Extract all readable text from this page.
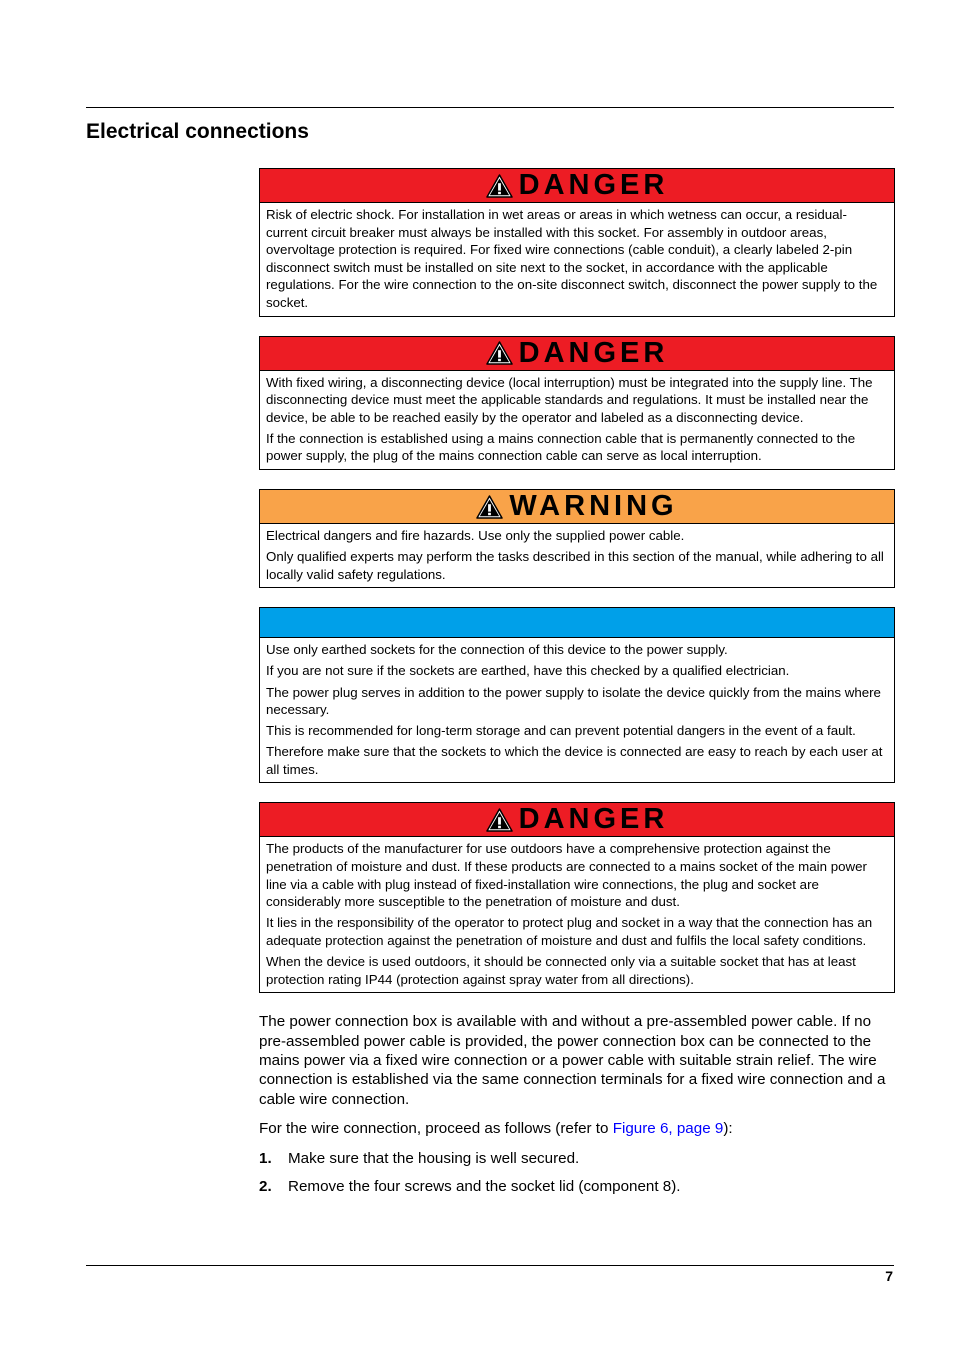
Electrical connections
DANGER

Risk of electric shock. For installation in wet areas or areas in which wetness can occur, a residual-current circuit breaker must always be installed with this socket. For assembly in outdoor areas, overvoltage protection is required. For fixed wire connections (cable conduit), a clearly labeled 2-pin disconnect switch must be installed on site next to the socket, in accordance with the applicable regulations. For the wire connection to the on-site disconnect switch, disconnect the power supply to the socket.

DANGER

With fixed wiring, a disconnecting device (local interruption) must be integrated into the supply line. The disconnecting device must meet the applicable standards and regulations. It must be installed near the device, be able to be reached easily by the operator and labeled as a disconnecting device.

If the connection is established using a mains connection cable that is permanently connected to the power supply, the plug of the mains connection cable can serve as local interruption.

WARNING

Electrical dangers and fire hazards. Use only the supplied power cable.

Only qualified experts may perform the tasks described in this section of the manual, while adhering to all locally valid safety regulations.

Use only earthed sockets for the connection of this device to the power supply.

If you are not sure if the sockets are earthed, have this checked by a qualified electrician.

The power plug serves in addition to the power supply to isolate the device quickly from the mains where necessary.

This is recommended for long-term storage and can prevent potential dangers in the event of a fault.

Therefore make sure that the sockets to which the device is connected are easy to reach by each user at all times.

DANGER

The products of the manufacturer for use outdoors have a comprehensive protection against the penetration of moisture and dust. If these products are connected to a mains socket of the main power line via a cable with plug instead of fixed-installation wire connections, the plug and socket are considerably more susceptible to the penetration of moisture and dust.

It lies in the responsibility of the operator to protect plug and socket in a way that the connection has an adequate protection against the penetration of moisture and dust and fulfils the local safety conditions.

When the device is used outdoors, it should be connected only via a suitable socket that has at least protection rating IP44 (protection against spray water from all directions).

The power connection box is available with and without a pre-assembled power cable. If no pre-assembled power cable is provided, the power connection box can be connected to the mains power via a fixed wire connection or a power cable with suitable strain relief. The wire connection is established via the same connection terminals for a fixed wire connection and a cable wire connection.

For the wire connection, proceed as follows (refer to Figure 6, page 9):

1.	Make sure that the housing is well secured.
2.	Remove the four screws and the socket lid (component 8).
7
